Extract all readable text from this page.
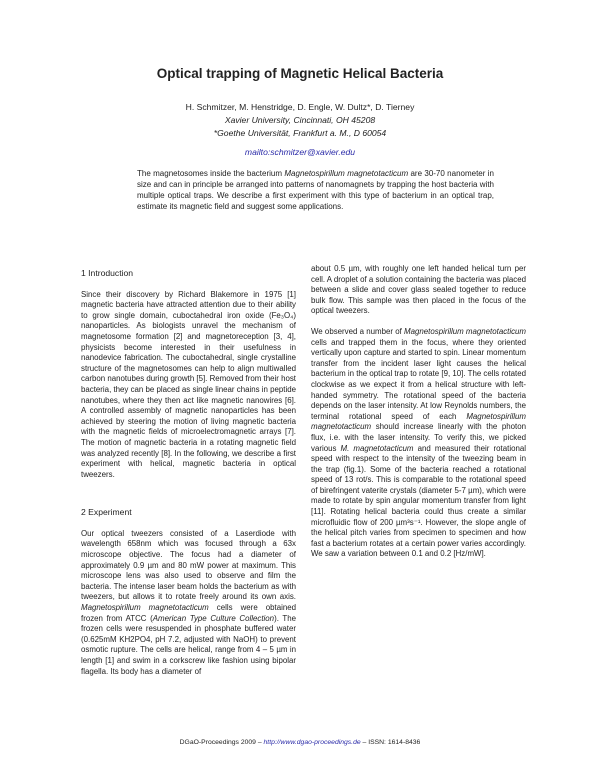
Optical trapping of Magnetic Helical Bacteria
H. Schmitzer, M. Henstridge, D. Engle, W. Dultz*, D. Tierney
Xavier University, Cincinnati, OH 45208
*Goethe Universität, Frankfurt a. M., D 60054
mailto:schmitzer@xavier.edu
The magnetosomes inside the bacterium Magnetospirillum magnetotacticum are 30-70 nanometer in size and can in principle be arranged into patterns of nanomagnets by trapping the host bacteria with multiple optical traps. We describe a first experiment with this type of bacterium in an optical trap, estimate its magnetic field and suggest some applications.
1 Introduction

Since their discovery by Richard Blakemore in 1975 [1] magnetic bacteria have attracted attention due to their ability to grow single domain, cuboctahedral iron oxide (Fe₃O₄) nanoparticles. As biologists unravel the mechanism of magnetosome formation [2] and magnetoreception [3, 4], physicists become interested in their usefulness in nanodevice fabrication. The cuboctahedral, single crystalline structure of the magnetosomes can help to align multiwalled carbon nanotubes during growth [5]. Removed from their host bacteria, they can be placed as single linear chains in peptide nanotubes, where they then act like magnetic nanowires [6]. A controlled assembly of magnetic nanoparticles has been achieved by steering the motion of living magnetic bacteria with the magnetic fields of microelectromagnetic arrays [7]. The motion of magnetic bacteria in a rotating magnetic field was analyzed recently [8]. In the following, we describe a first experiment with helical, magnetic bacteria in optical tweezers.

2 Experiment

Our optical tweezers consisted of a Laserdiode with wavelength 658nm which was focused through a 63x microscope objective. The focus had a diameter of approximately 0.9 µm and 80 mW power at maximum. This microscope lens was also used to observe and film the bacteria. The intense laser beam holds the bacterium as with tweezers, but allows it to rotate freely around its own axis. Magnetospirillum magnetotacticum cells were obtained frozen from ATCC (American Type Culture Collection). The frozen cells were resuspended in phosphate buffered water (0.625mM KH2PO4, pH 7.2, adjusted with NaOH) to prevent osmotic rupture. The cells are helical, range from 4 – 5 µm in length [1] and swim in a corkscrew like fashion using bipolar flagella. Its body has a diameter of

about 0.5 µm, with roughly one left handed helical turn per cell. A droplet of a solution containing the bacteria was placed between a slide and cover glass sealed together to reduce bulk flow. This sample was then placed in the focus of the optical tweezers.

We observed a number of Magnetospirillum magnetotacticum cells and trapped them in the focus, where they oriented vertically upon capture and started to spin. Linear momentum transfer from the incident laser light causes the helical bacterium in the optical trap to rotate [9, 10]. The cells rotated clockwise as we expect it from a helical structure with left-handed symmetry. The rotational speed of the bacteria depends on the laser intensity. At low Reynolds numbers, the terminal rotational speed of each Magnetospirillum magnetotacticum should increase linearly with the photon flux, i.e. with the laser intensity. To verify this, we picked various M. magnetotacticum and measured their rotational speed with respect to the intensity of the tweezing beam in the trap (fig.1). Some of the bacteria reached a rotational speed of 13 rot/s. This is comparable to the rotational speed of birefringent vaterite crystals (diameter 5-7 µm), which were made to rotate by spin angular momentum transfer from light [11]. Rotating helical bacteria could thus create a similar microfluidic flow of 200 µm³s⁻¹. However, the slope angle of the helical pitch varies from specimen to specimen and how fast a bacterium rotates at a certain power varies accordingly. We saw a variation between 0.1 and 0.2 [Hz/mW].

DGaO-Proceedings 2009 – http://www.dgao-proceedings.de – ISSN: 1614-8436
